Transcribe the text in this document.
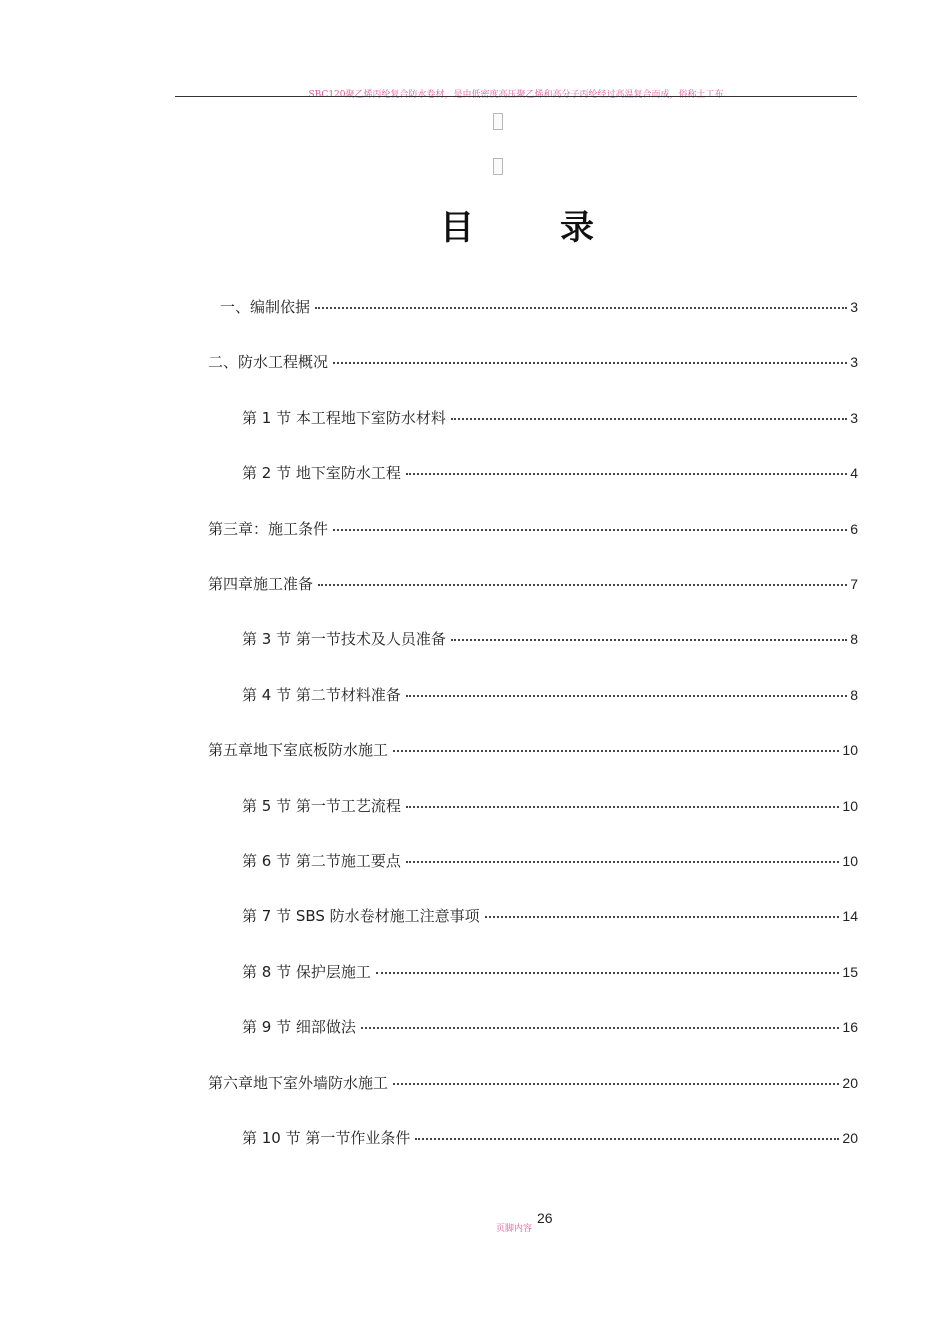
SBC120聚乙烯丙纶复合防水卷材，是由低密度高压聚乙烯和高分子丙纶经过高温复合而成，俗称土工布
目 录
一、编制依据	3
二、防水工程概况	3
第 1 节 本工程地下室防水材料	3
第 2 节 地下室防水工程	4
第三章：施工条件	6
第四章施工准备	7
第 3 节 第一节技术及人员准备	8
第 4 节 第二节材料准备	8
第五章地下室底板防水施工	10
第 5 节 第一节工艺流程	10
第 6 节 第二节施工要点	10
第 7 节 SBS 防水卷材施工注意事项	14
第 8 节 保护层施工	15
第 9 节 细部做法	16
第六章地下室外墙防水施工	20
第 10 节 第一节作业条件	20
页脚内容
26
